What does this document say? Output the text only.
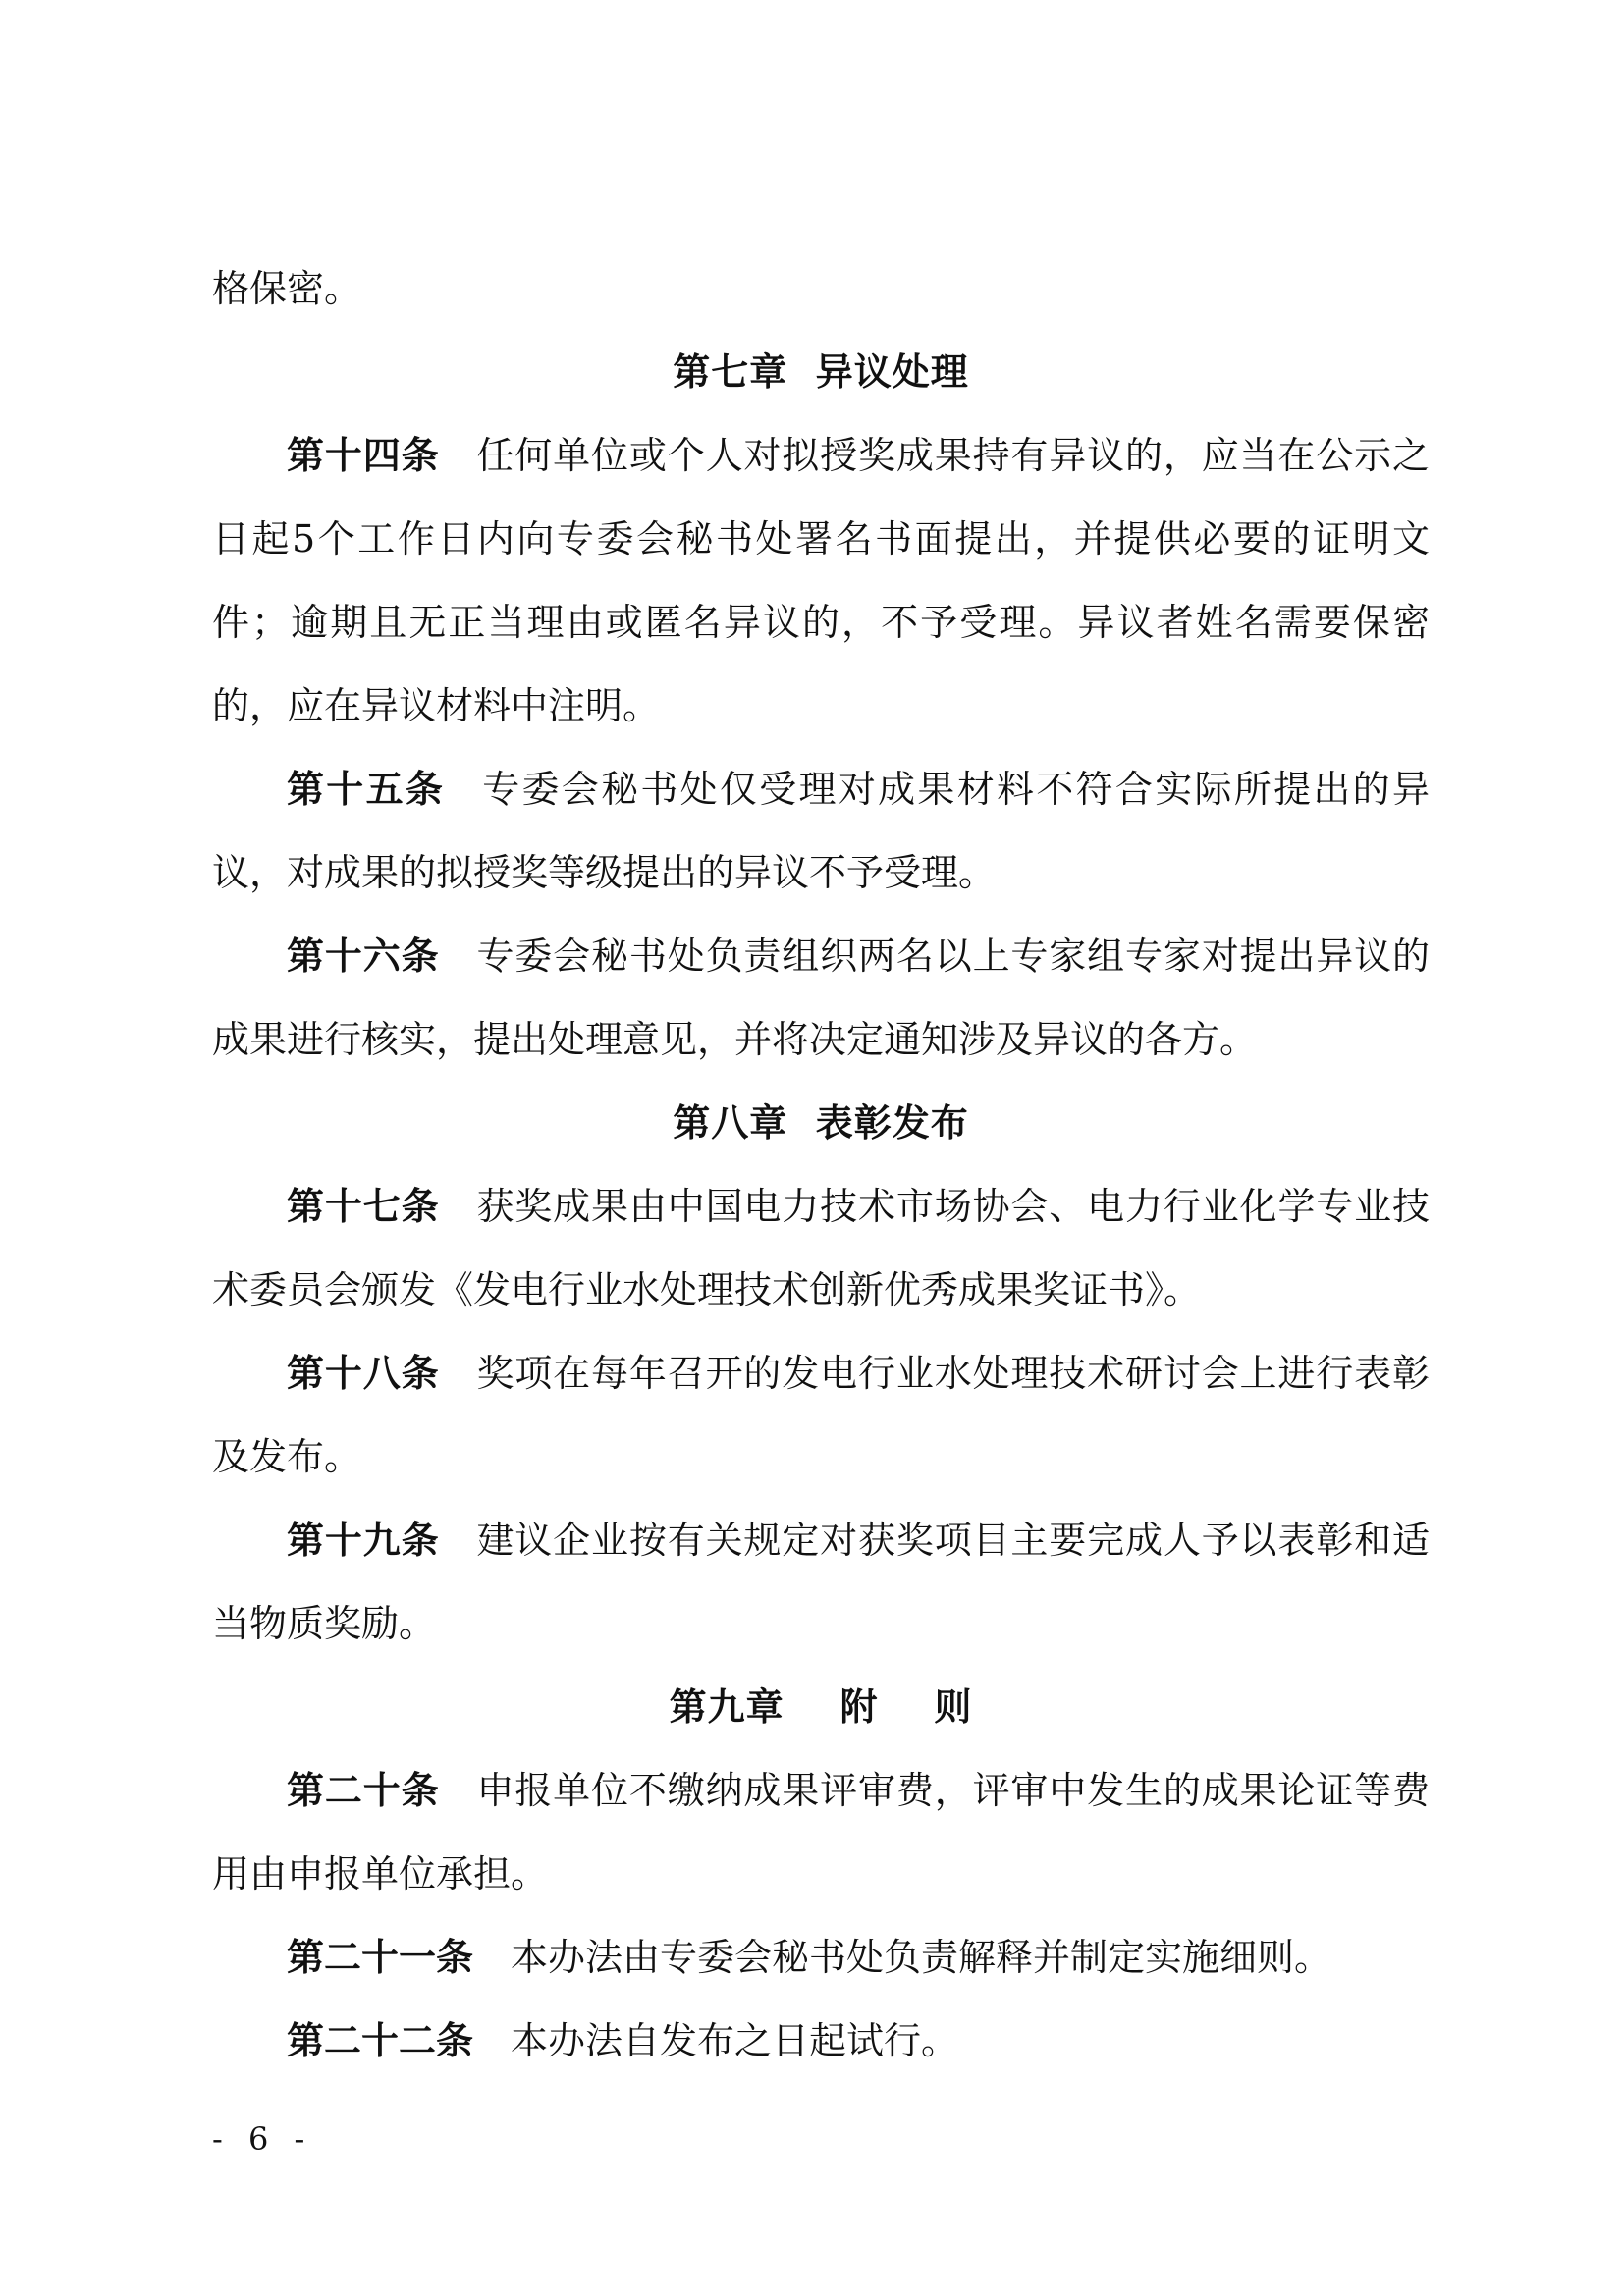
格保密。

第七章  异议处理

第十四条 任何单位或个人对拟授奖成果持有异议的，应当在公示之日起5个工作日内向专委会秘书处署名书面提出，并提供必要的证明文件；逾期且无正当理由或匿名异议的，不予受理。异议者姓名需要保密的，应在异议材料中注明。

第十五条 专委会秘书处仅受理对成果材料不符合实际所提出的异议，对成果的拟授奖等级提出的异议不予受理。

第十六条 专委会秘书处负责组织两名以上专家组专家对提出异议的成果进行核实，提出处理意见，并将决定通知涉及异议的各方。

第八章  表彰发布

第十七条 获奖成果由中国电力技术市场协会、电力行业化学专业技术委员会颁发《发电行业水处理技术创新优秀成果奖证书》。

第十八条 奖项在每年召开的发电行业水处理技术研讨会上进行表彰及发布。

第十九条 建议企业按有关规定对获奖项目主要完成人予以表彰和适当物质奖励。

第九章    附    则

第二十条 申报单位不缴纳成果评审费，评审中发生的成果论证等费用由申报单位承担。

第二十一条 本办法由专委会秘书处负责解释并制定实施细则。

第二十二条 本办法自发布之日起试行。

- 6 -
